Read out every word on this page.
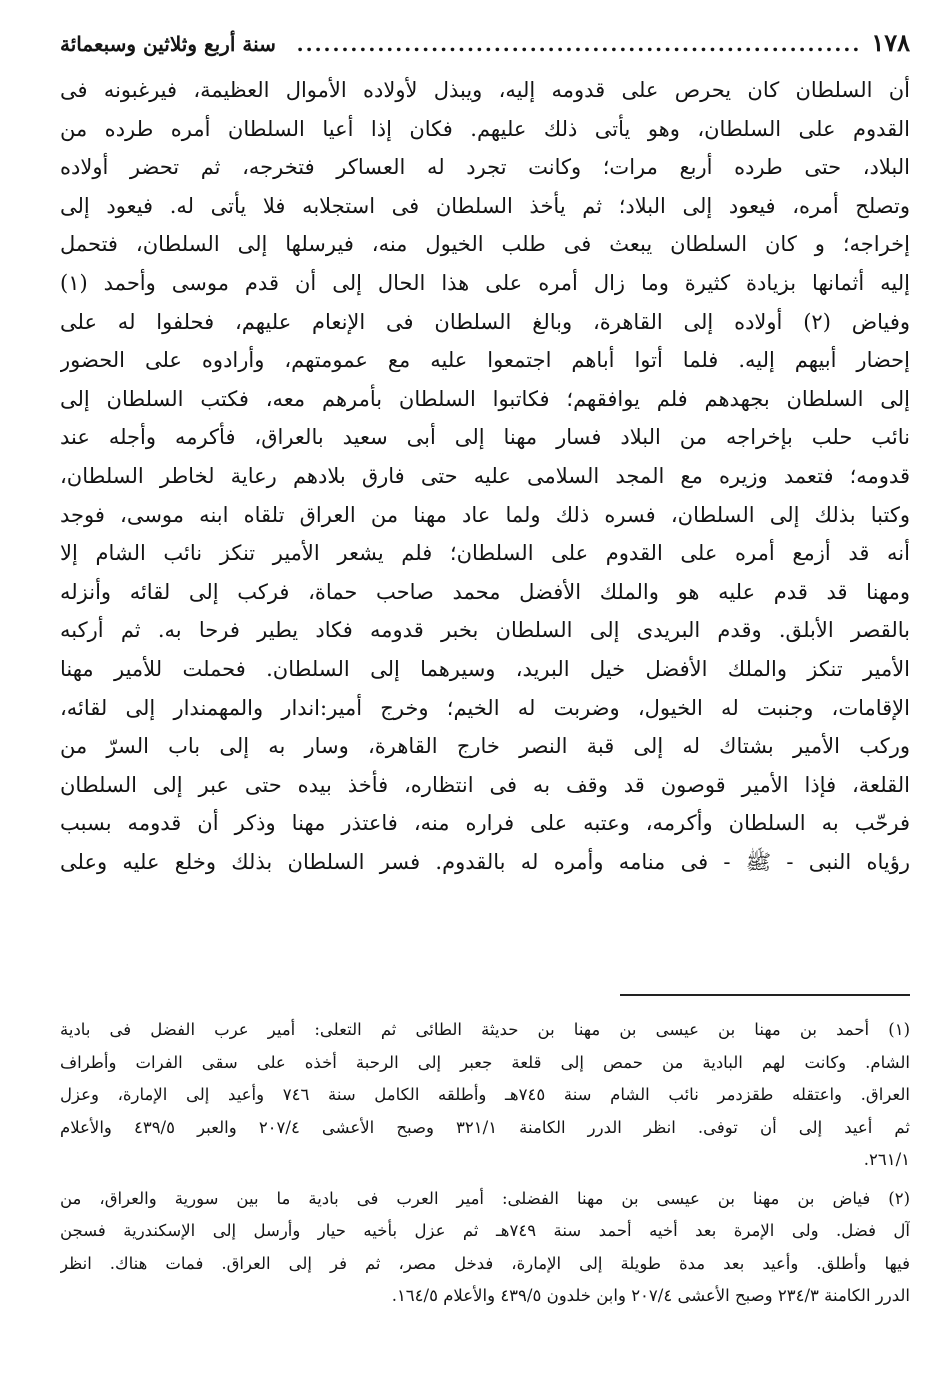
١٧٨
...............................................................
سنة أربع وثلاثين وسبعمائة
أن السلطان كان يحرص على قدومه إليه، ويبذل لأولاده الأموال العظيمة، فيرغبونه فى
القدوم على السلطان، وهو يأتى ذلك عليهم. فكان إذا أعيا السلطان أمره طرده من
البلاد، حتى طرده أربع مرات؛ وكانت تجرد له العساكر فتخرجه، ثم تحضر أولاده
وتصلح أمره، فيعود إلى البلاد؛ ثم يأخذ السلطان فى استجلابه فلا يأتى له. فيعود إلى
إخراجه؛ و كان السلطان يبعث فى طلب الخيول منه، فيرسلها إلى السلطان، فتحمل
إليه أثمانها بزيادة كثيرة وما زال أمره على هذا الحال إلى أن قدم موسى وأحمد (١)
وفياض (٢) أولاده إلى القاهرة، وبالغ السلطان فى الإنعام عليهم، فحلفوا له على
إحضار أبيهم إليه. فلما أتوا أباهم اجتمعوا عليه مع عمومتهم، وأرادوه على الحضور
إلى السلطان بجهدهم فلم يوافقهم؛ فكاتبوا السلطان بأمرهم معه، فكتب السلطان إلى
نائب حلب بإخراجه من البلاد فسار مهنا إلى أبى سعيد بالعراق، فأكرمه وأجله عند
قدومه؛ فتعمد وزيره مع المجد السلامى عليه حتى فارق بلادهم رعاية لخاطر السلطان،
وكتبا بذلك إلى السلطان، فسره ذلك ولما عاد مهنا من العراق تلقاه ابنه موسى، فوجد
أنه قد أزمع أمره على القدوم على السلطان؛ فلم يشعر الأمير تنكز نائب الشام إلا
ومهنا قد قدم عليه هو والملك الأفضل محمد صاحب حماة، فركب إلى لقائه وأنزله
بالقصر الأبلق. وقدم البريدى إلى السلطان بخبر قدومه فكاد يطير فرحا به. ثم أركبه
الأمير تنكز والملك الأفضل خيل البريد، وسيرهما إلى السلطان. فحملت للأمير مهنا
الإقامات، وجنبت له الخيول، وضربت له الخيم؛ وخرج أمير:اندار والمهمندار إلى لقائه،
وركب الأمير بشتاك له إلى قبة النصر خارج القاهرة، وسار به إلى باب السرّ من
القلعة، فإذا الأمير قوصون قد وقف به فى انتظاره، فأخذ بيده حتى عبر إلى السلطان
فرحّب به السلطان وأكرمه، وعتبه على فراره منه، فاعتذر مهنا وذكر أن قدومه بسبب
رؤياه النبى - ﷺ - فى منامه وأمره له بالقدوم. فسر السلطان بذلك وخلع عليه وعلى
(١) أحمد بن مهنا بن عيسى بن مهنا بن حديثة الطائى ثم التعلى: أمير عرب الفضل فى بادية
الشام. وكانت لهم البادية من حمص إلى قلعة جعبر إلى الرحبة أخذه على سقى الفرات وأطراف
العراق. واعتقله طقزدمر نائب الشام سنة ٧٤٥هـ وأطلقه الكامل سنة ٧٤٦ وأعيد إلى الإمارة، وعزل
ثم أعيد إلى أن توفى. انظر الدرر الكامنة ٣٢١/١ وصبح الأعشى ٢٠٧/٤ والعبر ٤٣٩/٥ والأعلام
٢٦١/١.
(٢) فياض بن مهنا بن عيسى بن مهنا الفضلى: أمير العرب فى بادية ما بين سورية والعراق، من
آل فضل. ولى الإمرة بعد أخيه أحمد سنة ٧٤٩هـ ثم عزل بأخيه حيار وأرسل إلى الإسكندرية فسجن
فيها وأطلق. وأعيد بعد مدة طويلة إلى الإمارة، فدخل مصر، ثم فر إلى العراق. فمات هناك. انظر
الدرر الكامنة ٢٣٤/٣ وصبح الأعشى ٢٠٧/٤ وابن خلدون ٤٣٩/٥ والأعلام ١٦٤/٥.
